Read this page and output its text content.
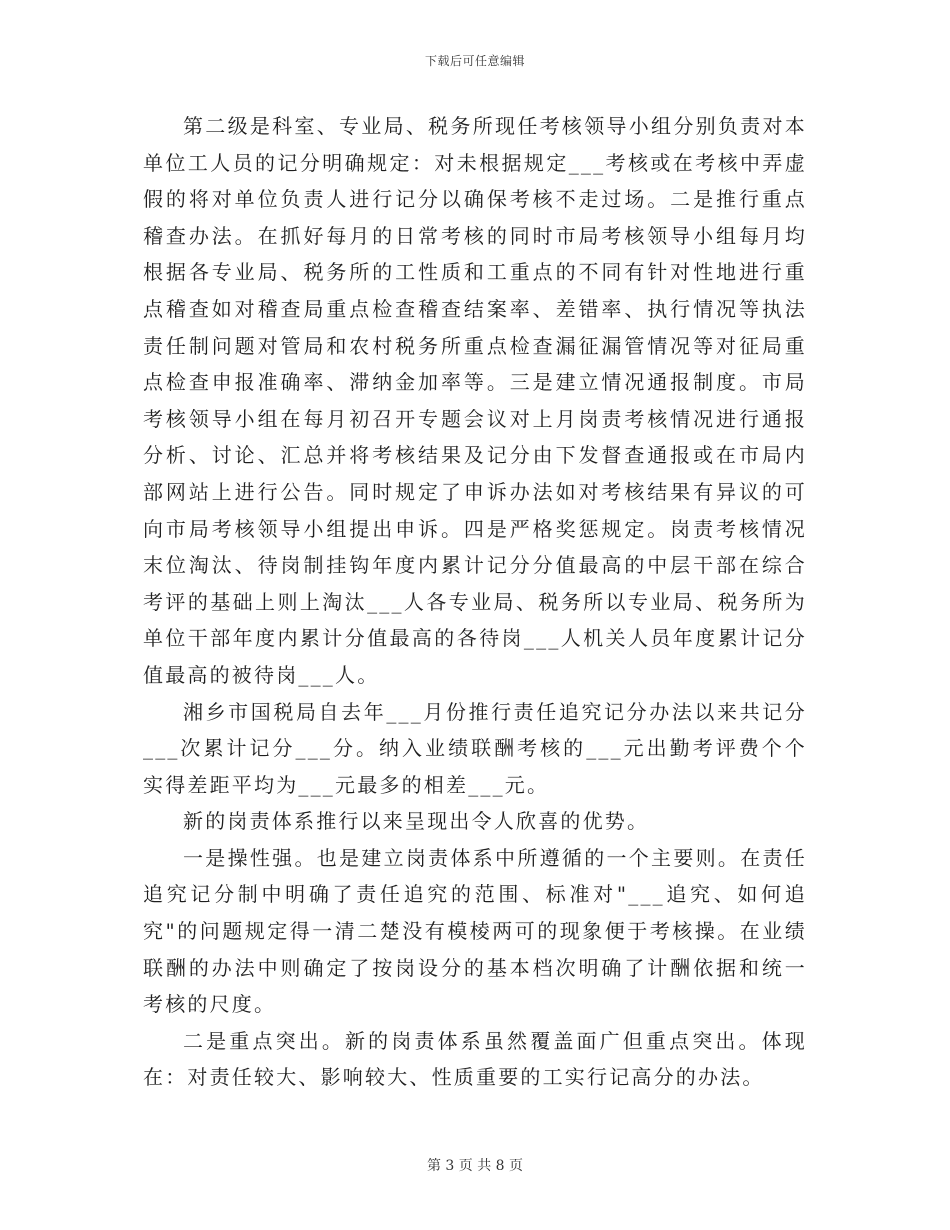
下载后可任意编辑

第二级是科室、专业局、税务所现任考核领导小组分别负责对本单位工人员的记分明确规定：对未根据规定___考核或在考核中弄虚假的将对单位负责人进行记分以确保考核不走过场。二是推行重点稽查办法。在抓好每月的日常考核的同时市局考核领导小组每月均根据各专业局、税务所的工性质和工重点的不同有针对性地进行重点稽查如对稽查局重点检查稽查结案率、差错率、执行情况等执法责任制问题对管局和农村税务所重点检查漏征漏管情况等对征局重点检查申报准确率、滞纳金加率等。三是建立情况通报制度。市局考核领导小组在每月初召开专题会议对上月岗责考核情况进行通报分析、讨论、汇总并将考核结果及记分由下发督查通报或在市局内部网站上进行公告。同时规定了申诉办法如对考核结果有异议的可向市局考核领导小组提出申诉。四是严格奖惩规定。岗责考核情况末位淘汰、待岗制挂钩年度内累计记分分值最高的中层干部在综合考评的基础上则上淘汰___人各专业局、税务所以专业局、税务所为单位干部年度内累计分值最高的各待岗___人机关人员年度累计记分值最高的被待岗___人。

湘乡市国税局自去年___月份推行责任追究记分办法以来共记分___次累计记分___分。纳入业绩联酬考核的___元出勤考评费个个实得差距平均为___元最多的相差___元。

新的岗责体系推行以来呈现出令人欣喜的优势。

一是操性强。也是建立岗责体系中所遵循的一个主要则。在责任追究记分制中明确了责任追究的范围、标准对"___追究、如何追究"的问题规定得一清二楚没有模棱两可的现象便于考核操。在业绩联酬的办法中则确定了按岗设分的基本档次明确了计酬依据和统一考核的尺度。

二是重点突出。新的岗责体系虽然覆盖面广但重点突出。体现在：对责任较大、影响较大、性质重要的工实行记高分的办法。

第 3 页 共 8 页
